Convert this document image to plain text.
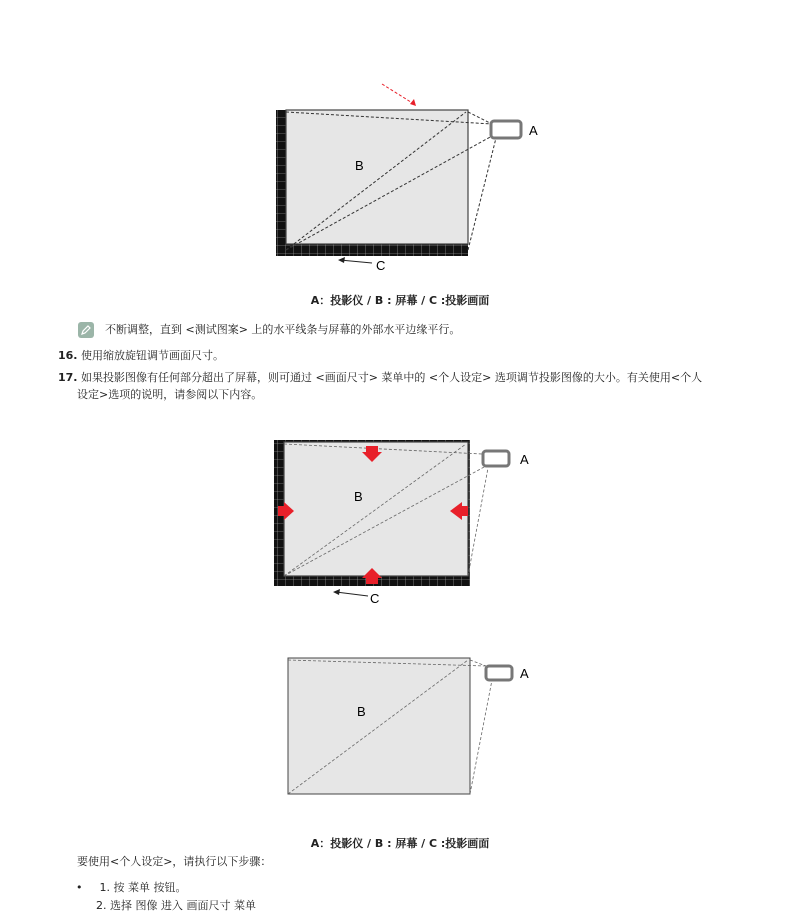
A
B
C
A：投影仪 / B : 屏幕 / C :投影画面
不断调整，直到 <测试图案> 上的水平线条与屏幕的外部水平边缘平行。
16. 使用缩放旋钮调节画面尺寸。
17. 如果投影图像有任何部分超出了屏幕，则可通过 <画面尺寸> 菜单中的 <个人设定> 选项调节投影图像的大小。有关使用<个人
设定>选项的说明，请参阅以下内容。
A
B
C
A
B
A：投影仪 / B : 屏幕 / C :投影画面
要使用<个人设定>，请执行以下步骤：
• 1. 按 菜单 按钮。
2. 选择 图像 进入 画面尺寸 菜单
